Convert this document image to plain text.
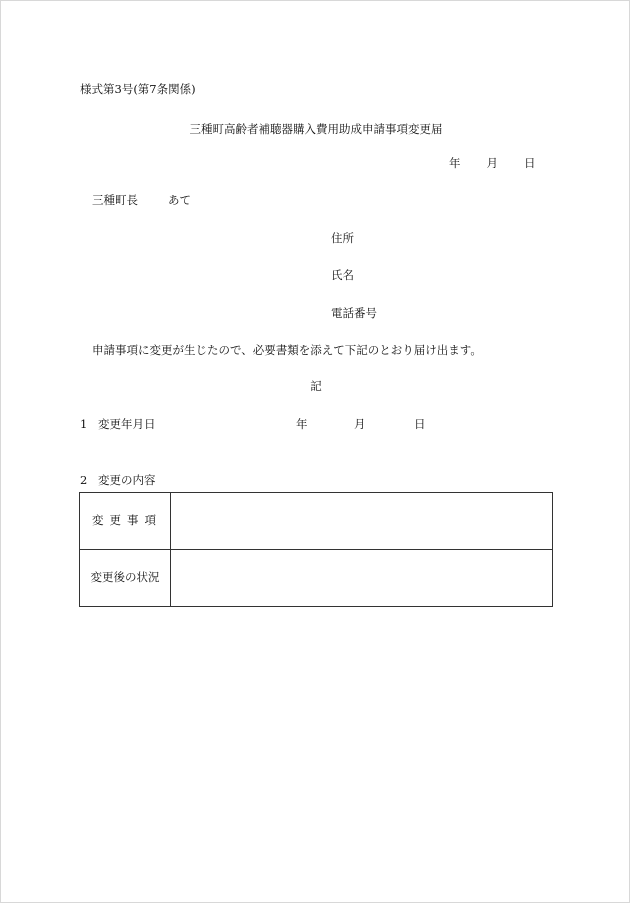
様式第3号(第7条関係)
三種町高齢者補聴器購入費用助成申請事項変更届
年 月 日
三種町長	あて
住所
氏名
電話番号
申請事項に変更が生じたので、必要書類を添えて下記のとおり届け出ます。
記
1 変更年月日	年	月	日
2 変更の内容
変更事項	
変更後の状況	
